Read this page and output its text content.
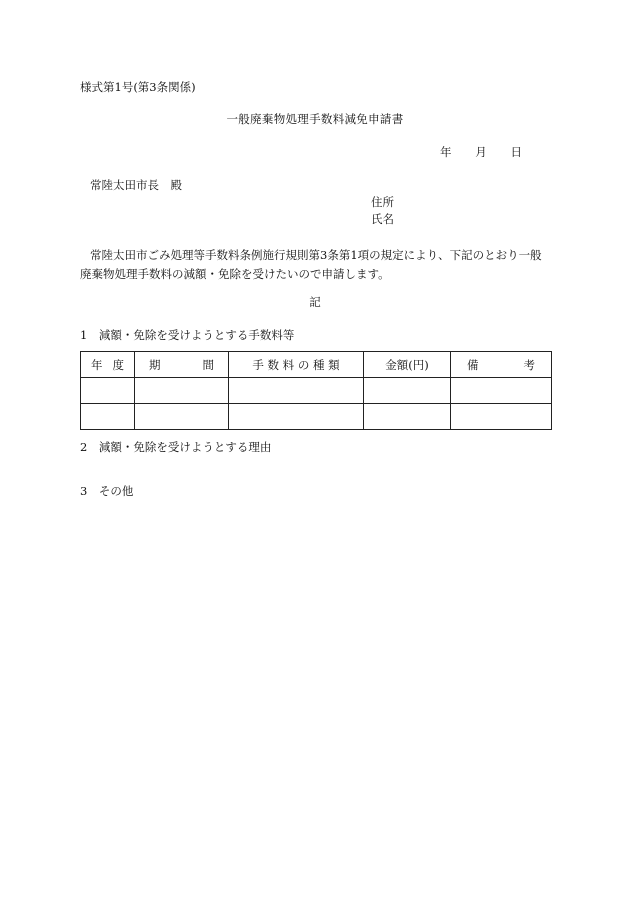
様式第1号(第3条関係)
一般廃棄物処理手数料減免申請書
年 月 日
常陸太田市長　殿
住所
氏名
常陸太田市ごみ処理等手数料条例施行規則第3条第1項の規定により、下記のとおり一般廃棄物処理手数料の減額・免除を受けたいので申請します。
記
1　減額・免除を受けようとする手数料等
年 度	期 間	手 数 料 の 種 類	金額(円)	備 考

2　減額・免除を受けようとする理由
3　その他
